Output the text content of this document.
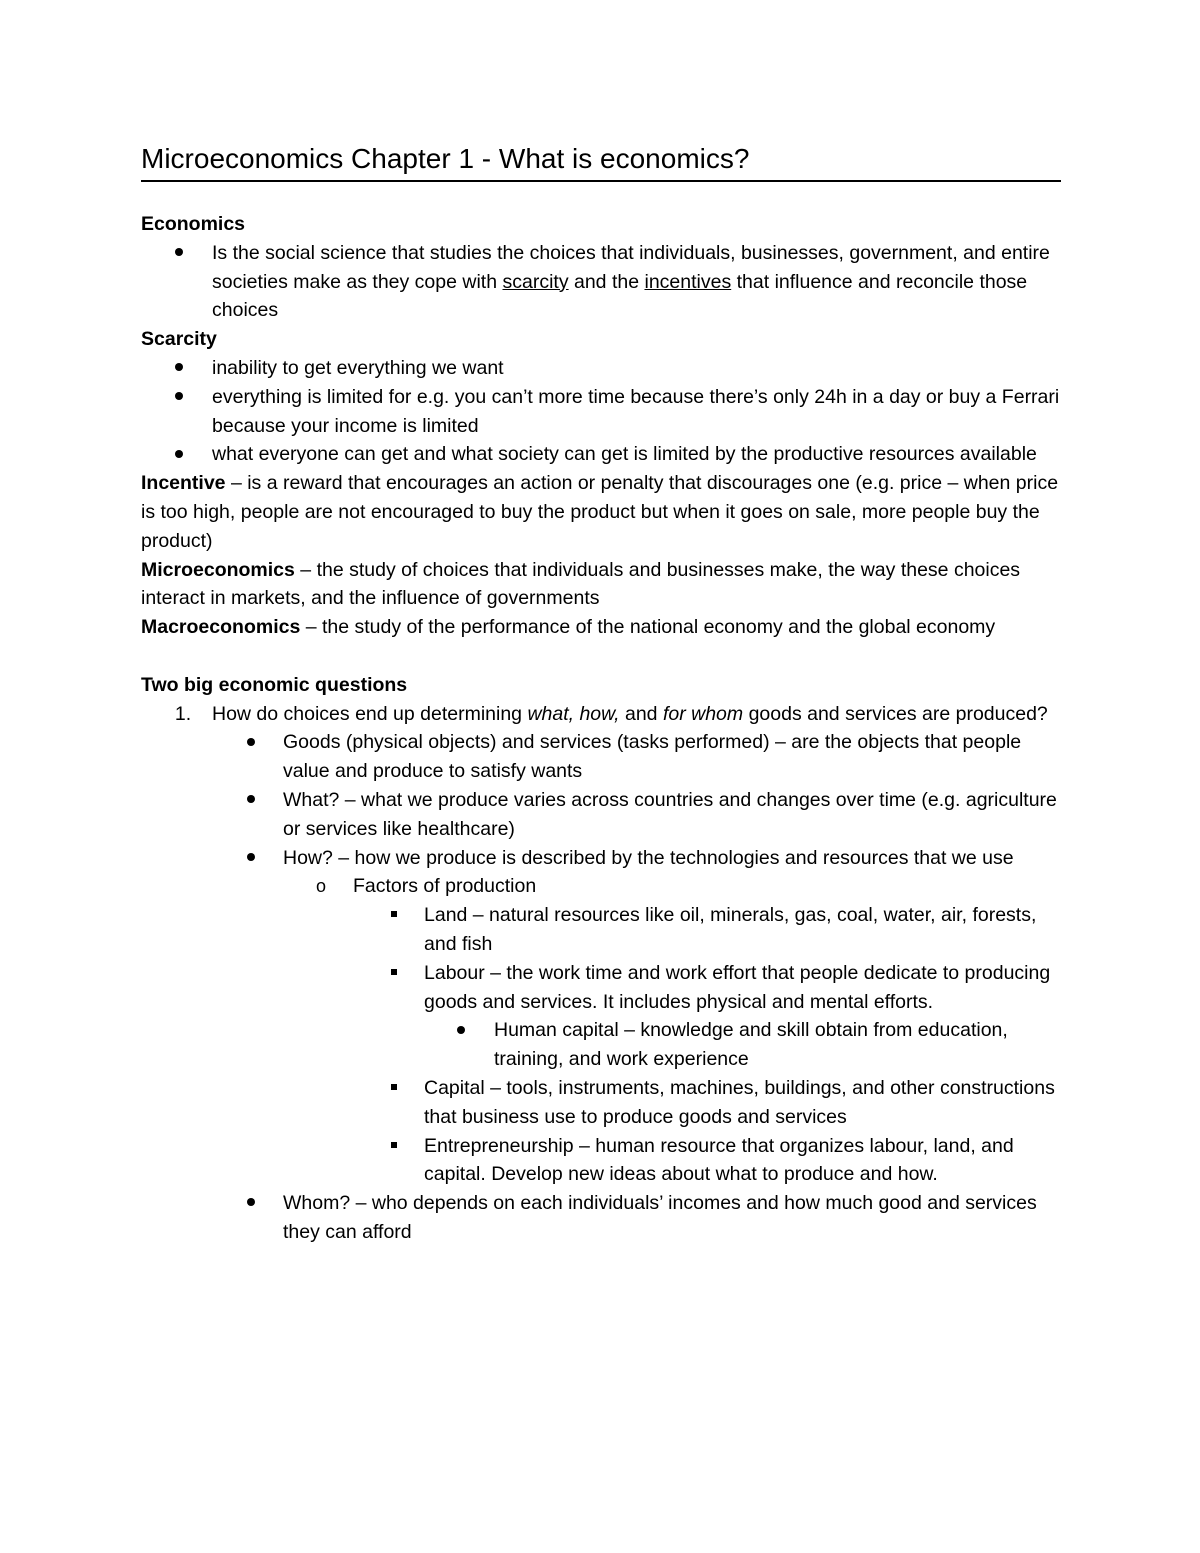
Microeconomics Chapter 1 - What is economics?
Economics
Is the social science that studies the choices that individuals, businesses, government, and entire societies make as they cope with scarcity and the incentives that influence and reconcile those choices
Scarcity
inability to get everything we want
everything is limited for e.g. you can’t more time because there’s only 24h in a day or buy a Ferrari because your income is limited
what everyone can get and what society can get is limited by the productive resources available
Incentive – is a reward that encourages an action or penalty that discourages one (e.g. price – when price is too high, people are not encouraged to buy the product but when it goes on sale, more people buy the product)
Microeconomics – the study of choices that individuals and businesses make, the way these choices interact in markets, and the influence of governments
Macroeconomics – the study of the performance of the national economy and the global economy
Two big economic questions
1. How do choices end up determining what, how, and for whom goods and services are produced?
Goods (physical objects) and services (tasks performed) – are the objects that people value and produce to satisfy wants
What? – what we produce varies across countries and changes over time (e.g. agriculture or services like healthcare)
How? – how we produce is described by the technologies and resources that we use
o Factors of production
Land – natural resources like oil, minerals, gas, coal, water, air, forests, and fish
Labour – the work time and work effort that people dedicate to producing goods and services. It includes physical and mental efforts.
Human capital – knowledge and skill obtain from education, training, and work experience
Capital – tools, instruments, machines, buildings, and other constructions that business use to produce goods and services
Entrepreneurship – human resource that organizes labour, land, and capital. Develop new ideas about what to produce and how.
Whom? – who depends on each individuals’ incomes and how much good and services they can afford
